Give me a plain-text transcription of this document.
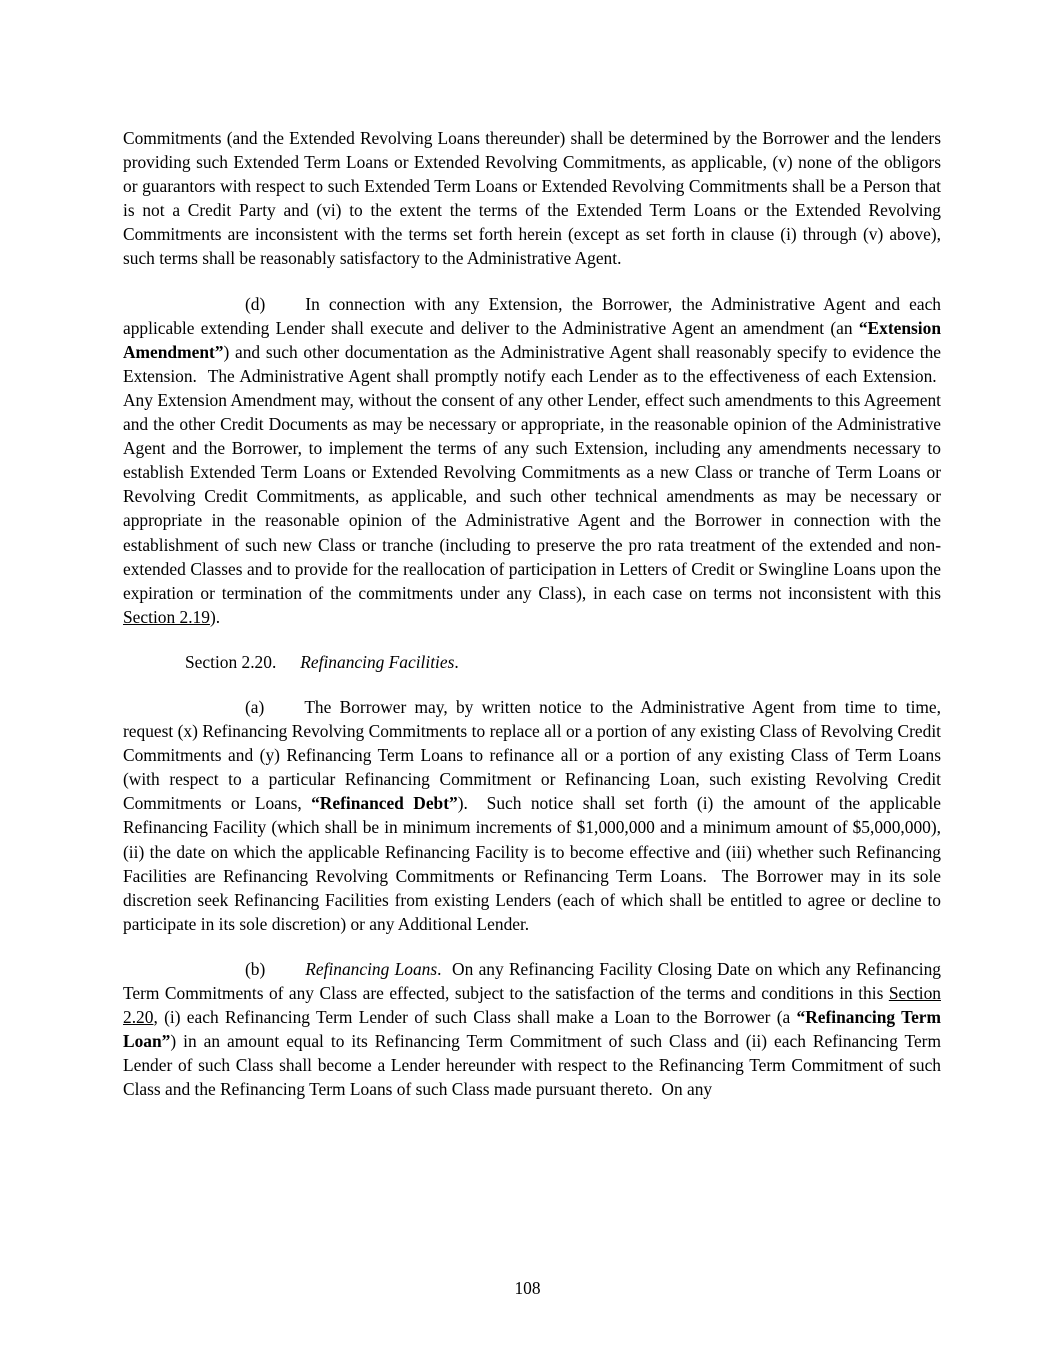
Commitments (and the Extended Revolving Loans thereunder) shall be determined by the Borrower and the lenders providing such Extended Term Loans or Extended Revolving Commitments, as applicable, (v) none of the obligors or guarantors with respect to such Extended Term Loans or Extended Revolving Commitments shall be a Person that is not a Credit Party and (vi) to the extent the terms of the Extended Term Loans or the Extended Revolving Commitments are inconsistent with the terms set forth herein (except as set forth in clause (i) through (v) above), such terms shall be reasonably satisfactory to the Administrative Agent.

(d) In connection with any Extension, the Borrower, the Administrative Agent and each applicable extending Lender shall execute and deliver to the Administrative Agent an amendment (an “Extension Amendment”) and such other documentation as the Administrative Agent shall reasonably specify to evidence the Extension.  The Administrative Agent shall promptly notify each Lender as to the effectiveness of each Extension.  Any Extension Amendment may, without the consent of any other Lender, effect such amendments to this Agreement and the other Credit Documents as may be necessary or appropriate, in the reasonable opinion of the Administrative Agent and the Borrower, to implement the terms of any such Extension, including any amendments necessary to establish Extended Term Loans or Extended Revolving Commitments as a new Class or tranche of Term Loans or Revolving Credit Commitments, as applicable, and such other technical amendments as may be necessary or appropriate in the reasonable opinion of the Administrative Agent and the Borrower in connection with the establishment of such new Class or tranche (including to preserve the pro rata treatment of the extended and non-extended Classes and to provide for the reallocation of participation in Letters of Credit or Swingline Loans upon the expiration or termination of the commitments under any Class), in each case on terms not inconsistent with this Section 2.19).

Section 2.20. Refinancing Facilities.

(a) The Borrower may, by written notice to the Administrative Agent from time to time, request (x) Refinancing Revolving Commitments to replace all or a portion of any existing Class of Revolving Credit Commitments and (y) Refinancing Term Loans to refinance all or a portion of any existing Class of Term Loans (with respect to a particular Refinancing Commitment or Refinancing Loan, such existing Revolving Credit Commitments or Loans, “Refinanced Debt”).  Such notice shall set forth (i) the amount of the applicable Refinancing Facility (which shall be in minimum increments of $1,000,000 and a minimum amount of $5,000,000), (ii) the date on which the applicable Refinancing Facility is to become effective and (iii) whether such Refinancing Facilities are Refinancing Revolving Commitments or Refinancing Term Loans.  The Borrower may in its sole discretion seek Refinancing Facilities from existing Lenders (each of which shall be entitled to agree or decline to participate in its sole discretion) or any Additional Lender.

(b) Refinancing Loans.  On any Refinancing Facility Closing Date on which any Refinancing Term Commitments of any Class are effected, subject to the satisfaction of the terms and conditions in this Section 2.20, (i) each Refinancing Term Lender of such Class shall make a Loan to the Borrower (a “Refinancing Term Loan”) in an amount equal to its Refinancing Term Commitment of such Class and (ii) each Refinancing Term Lender of such Class shall become a Lender hereunder with respect to the Refinancing Term Commitment of such Class and the Refinancing Term Loans of such Class made pursuant thereto.  On any

108
